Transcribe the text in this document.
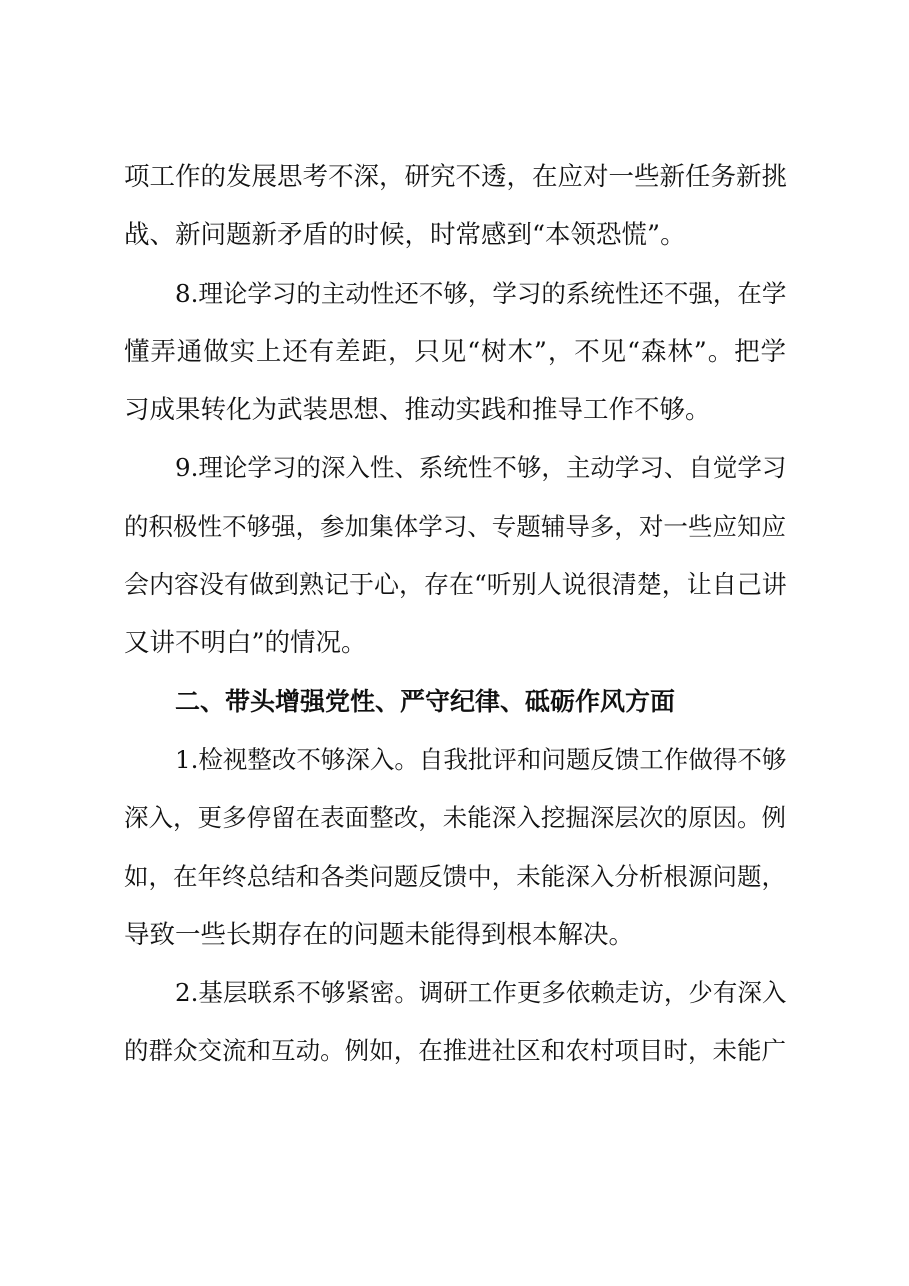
项工作的发展思考不深，研究不透，在应对一些新任务新挑
战、新问题新矛盾的时候，时常感到“本领恐慌”。
8.理论学习的主动性还不够，学习的系统性还不强，在学
懂弄通做实上还有差距，只见“树木”，不见“森林”。把学
习成果转化为武装思想、推动实践和推导工作不够。
9.理论学习的深入性、系统性不够，主动学习、自觉学习
的积极性不够强，参加集体学习、专题辅导多，对一些应知应
会内容没有做到熟记于心，存在“听别人说很清楚，让自己讲
又讲不明白”的情况。
二、带头增强党性、严守纪律、砥砺作风方面
1.检视整改不够深入。自我批评和问题反馈工作做得不够
深入，更多停留在表面整改，未能深入挖掘深层次的原因。例
如，在年终总结和各类问题反馈中，未能深入分析根源问题，
导致一些长期存在的问题未能得到根本解决。
2.基层联系不够紧密。调研工作更多依赖走访，少有深入
的群众交流和互动。例如，在推进社区和农村项目时，未能广
